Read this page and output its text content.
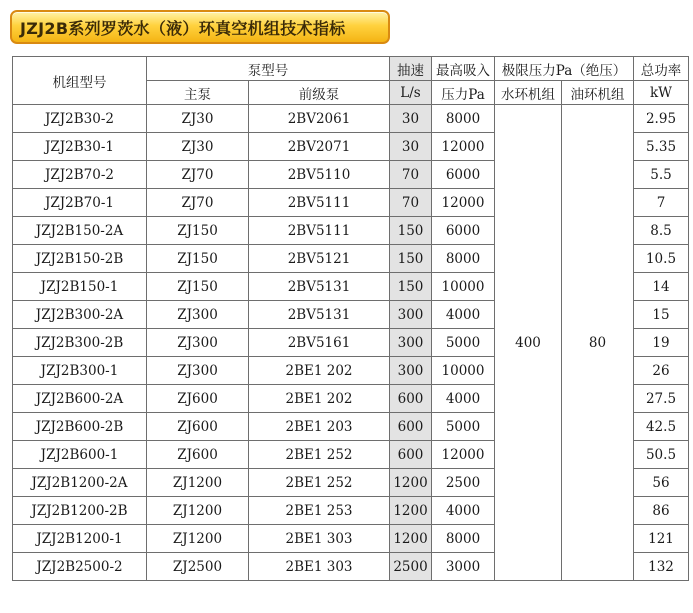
JZJ2B系列罗茨水（液）环真空机组技术指标
机组型号	泵型号		抽速	最高吸入	极限压力Pa（绝压）		总功率
	主泵	前级泵	L/s	压力Pa	水环机组	油环机组	kW
JZJ2B30-2	ZJ30	2BV2061	30	8000	400	80	2.95
JZJ2B30-1	ZJ30	2BV2071	30	12000			5.35
JZJ2B70-2	ZJ70	2BV5110	70	6000			5.5
JZJ2B70-1	ZJ70	2BV5111	70	12000			7
JZJ2B150-2A	ZJ150	2BV5111	150	6000			8.5
JZJ2B150-2B	ZJ150	2BV5121	150	8000			10.5
JZJ2B150-1	ZJ150	2BV5131	150	10000			14
JZJ2B300-2A	ZJ300	2BV5131	300	4000			15
JZJ2B300-2B	ZJ300	2BV5161	300	5000			19
JZJ2B300-1	ZJ300	2BE1 202	300	10000			26
JZJ2B600-2A	ZJ600	2BE1 202	600	4000			27.5
JZJ2B600-2B	ZJ600	2BE1 203	600	5000			42.5
JZJ2B600-1	ZJ600	2BE1 252	600	12000			50.5
JZJ2B1200-2A	ZJ1200	2BE1 252	1200	2500			56
JZJ2B1200-2B	ZJ1200	2BE1 253	1200	4000			86
JZJ2B1200-1	ZJ1200	2BE1 303	1200	8000			121
JZJ2B2500-2	ZJ2500	2BE1 303	2500	3000			132
